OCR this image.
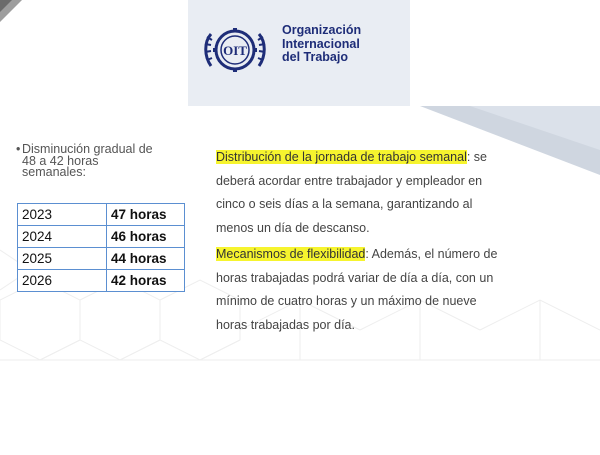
OIT
Organización
Internacional
del Trabajo
• Disminución gradual de
48 a 42 horas
semanales:
2023	47 horas
2024	46 horas
2025	44 horas
2026	42 horas
Distribución de la jornada de trabajo semanal: se
deberá acordar entre trabajador y empleador en
cinco o seis días a la semana, garantizando al
menos un día de descanso.
Mecanismos de flexibilidad: Además, el número de
horas trabajadas podrá variar de día a día, con un
mínimo de cuatro horas y un máximo de nueve
horas trabajadas por día.
